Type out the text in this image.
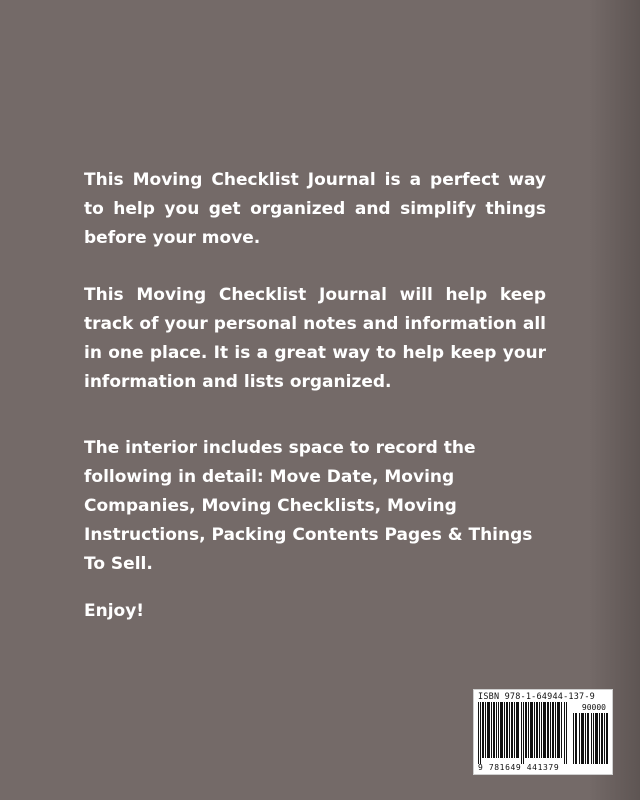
This Moving Checklist Journal is a perfect way to help you get organized and simplify things before your move.

This Moving Checklist Journal will help keep track of your personal notes and information all in one place. It is a great way to help keep your information and lists organized.

The interior includes space to record the following in detail: Move Date, Moving Companies, Moving Checklists, Moving Instructions, Packing Contents Pages & Things To Sell.

Enjoy!

ISBN 978-1-64944-137-9
90000
9 781649 441379
